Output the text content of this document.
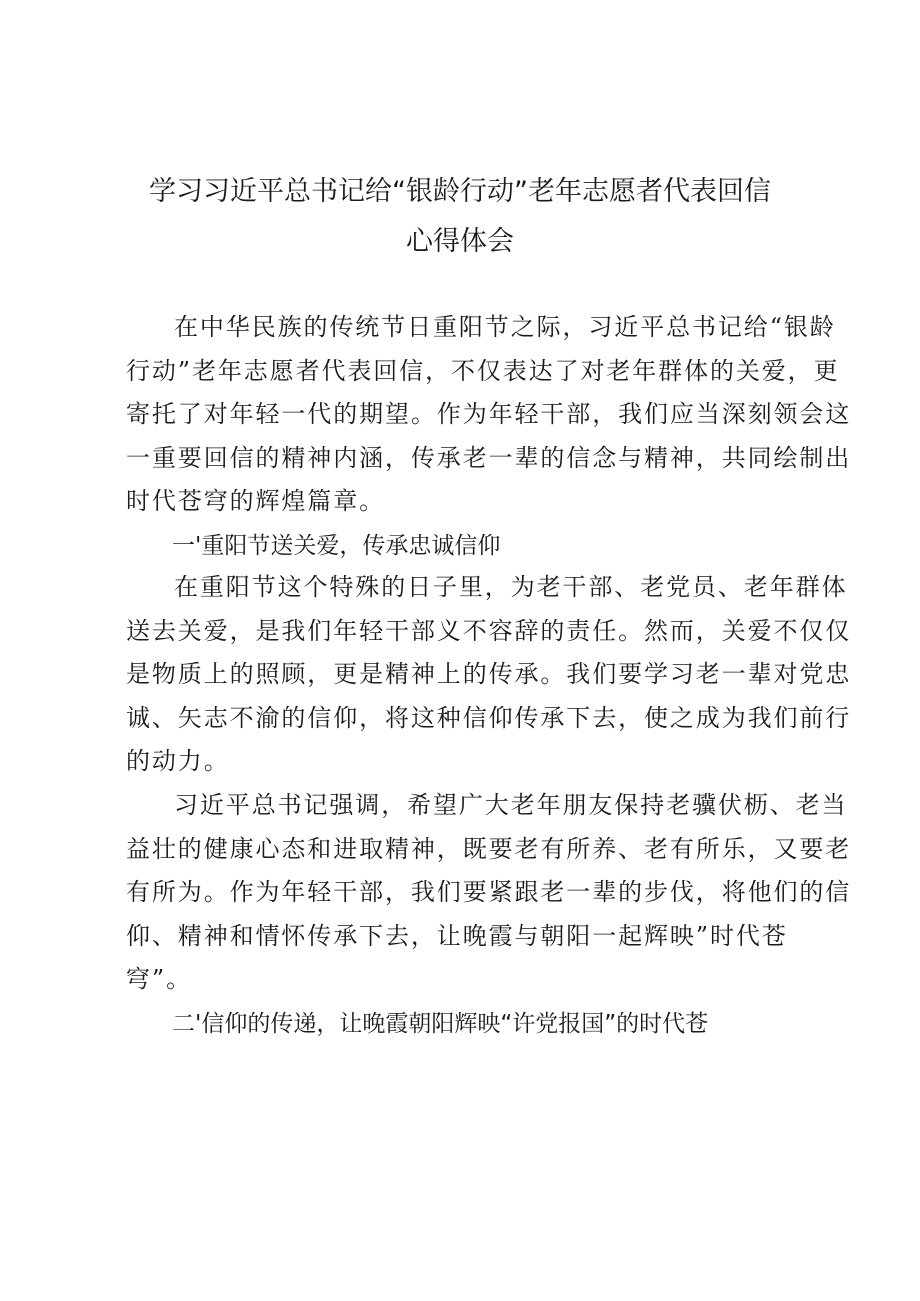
学习习近平总书记给“银龄行动”老年志愿者代表回信
心得体会

在中华民族的传统节日重阳节之际，习近平总书记给“银龄
行动”老年志愿者代表回信，不仅表达了对老年群体的关爱，更
寄托了对年轻一代的期望。作为年轻干部，我们应当深刻领会这
一重要回信的精神内涵，传承老一辈的信念与精神，共同绘制出
时代苍穹的辉煌篇章。

一'重阳节送关爱，传承忠诚信仰

在重阳节这个特殊的日子里，为老干部、老党员、老年群体
送去关爱，是我们年轻干部义不容辞的责任。然而，关爱不仅仅
是物质上的照顾，更是精神上的传承。我们要学习老一辈对党忠
诚、矢志不渝的信仰，将这种信仰传承下去，使之成为我们前行
的动力。

习近平总书记强调，希望广大老年朋友保持老骥伏枥、老当
益壮的健康心态和进取精神，既要老有所养、老有所乐，又要老
有所为。作为年轻干部，我们要紧跟老一辈的步伐，将他们的信
仰、精神和情怀传承下去，让晚霞与朝阳一起辉映”时代苍
穹”。

二'信仰的传递，让晚霞朝阳辉映“许党报国”的时代苍
